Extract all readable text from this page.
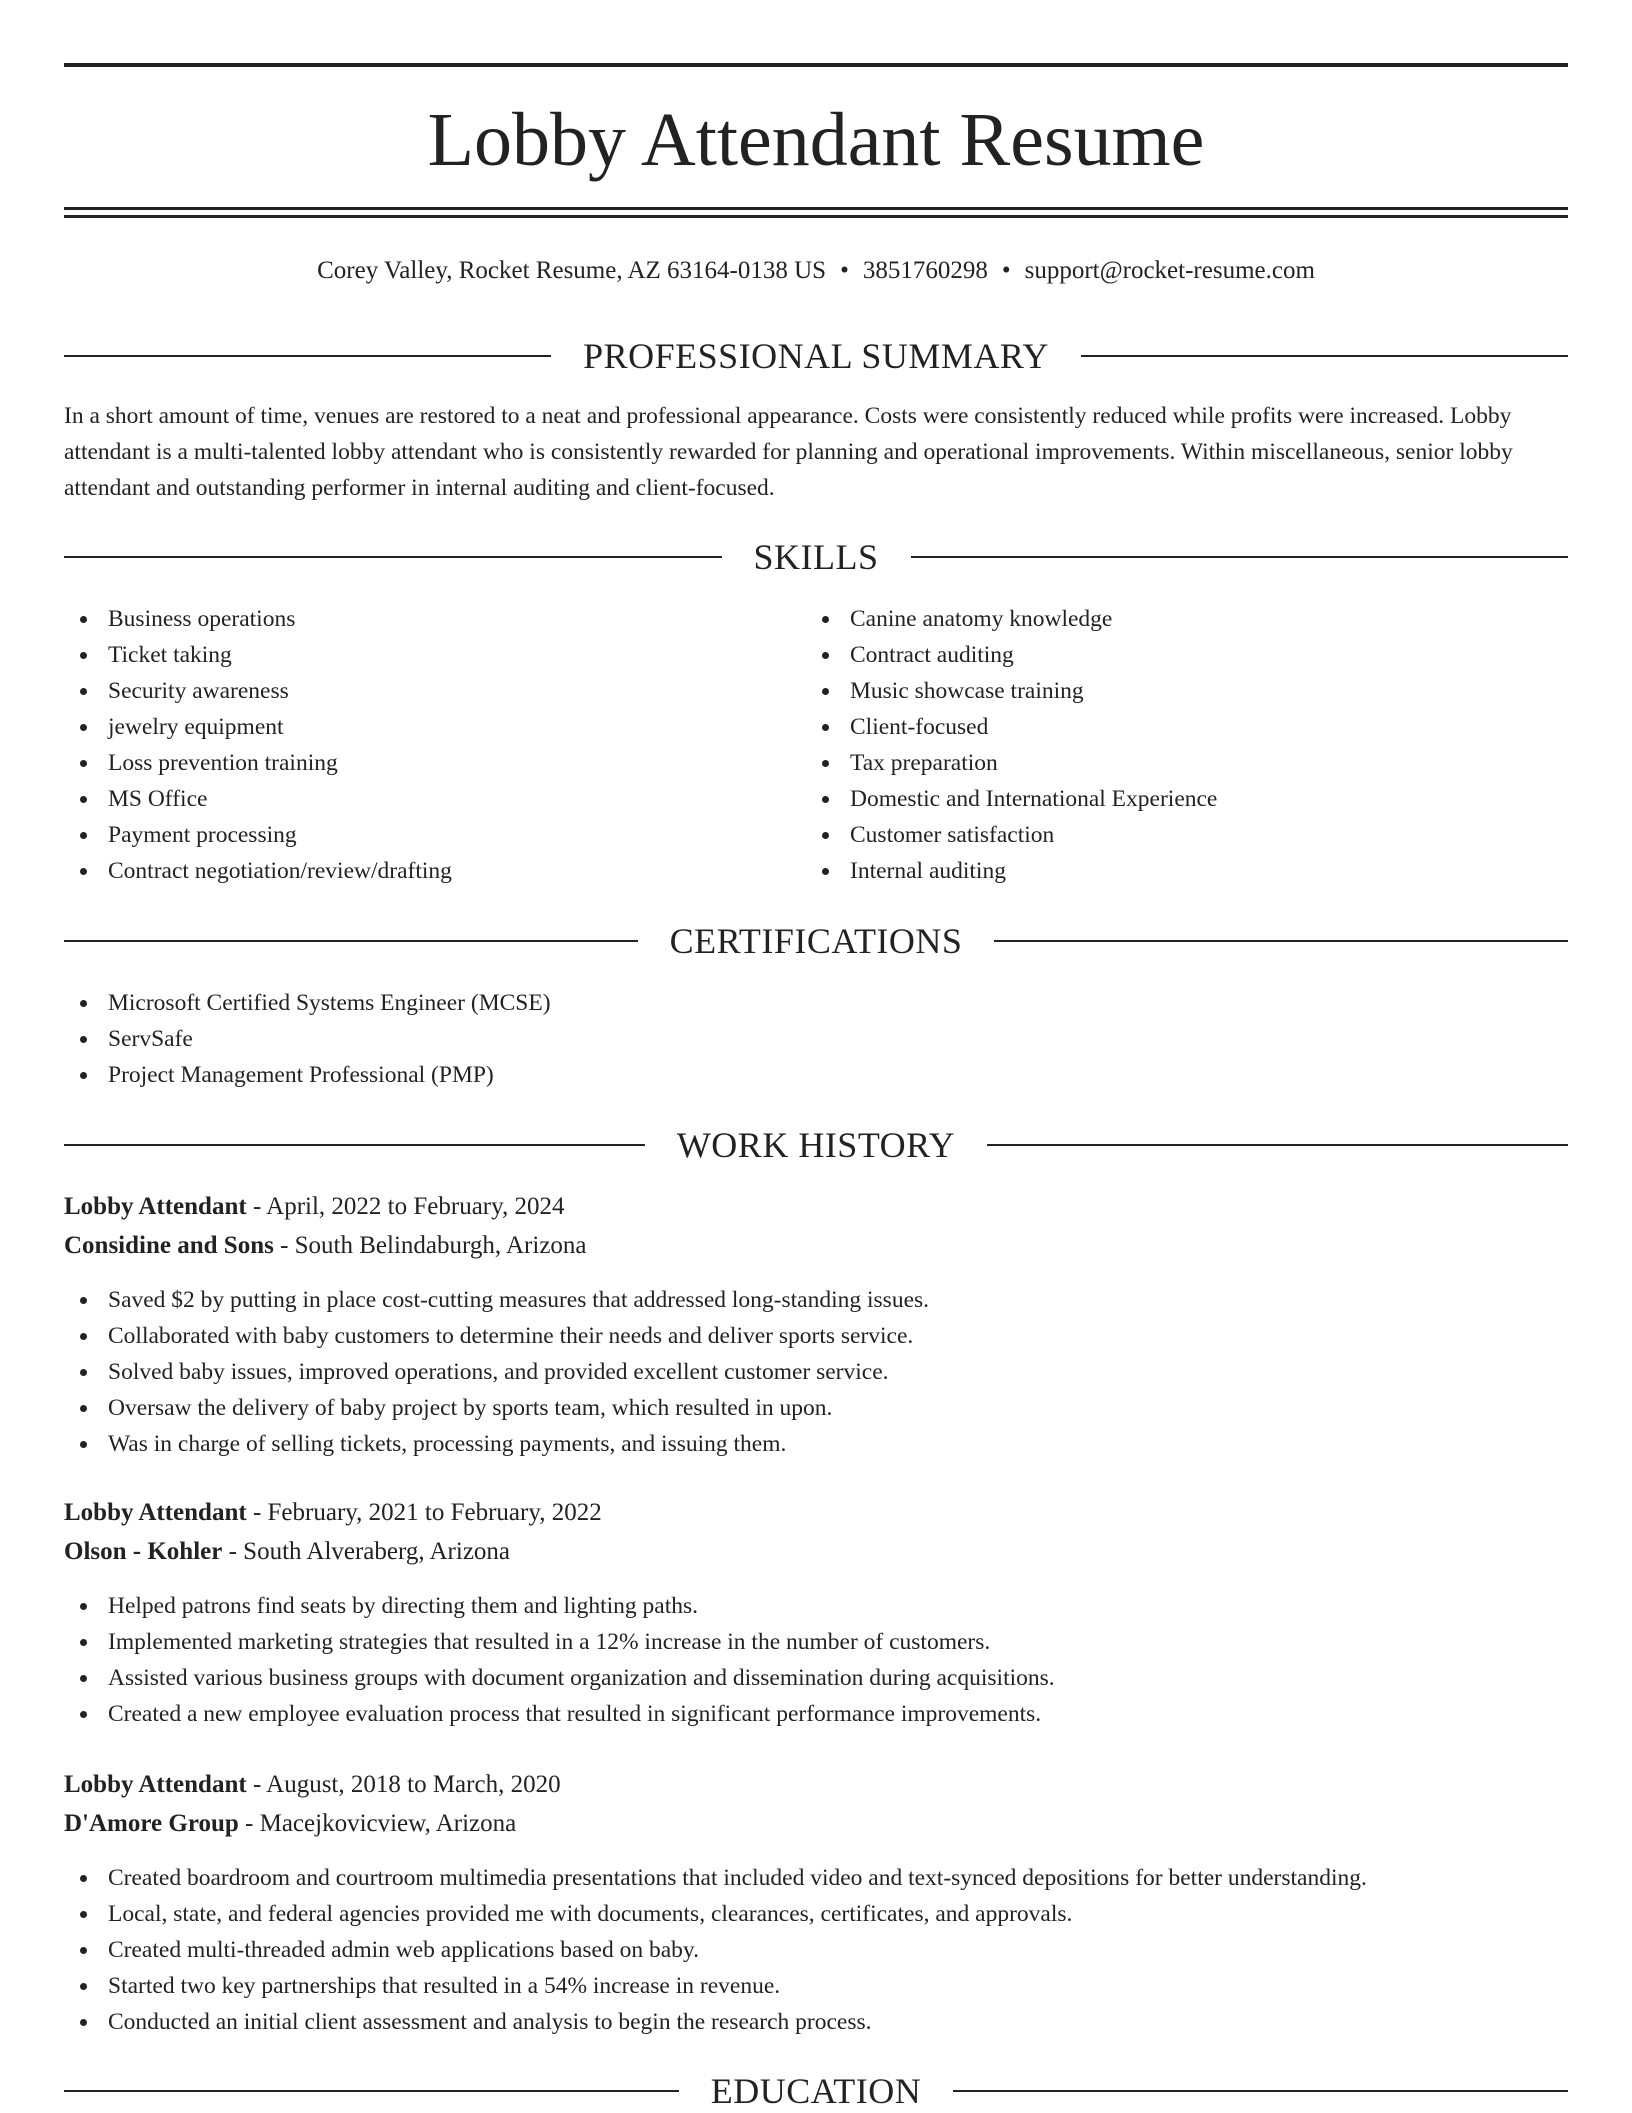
Lobby Attendant Resume
Corey Valley, Rocket Resume, AZ 63164-0138 US • 3851760298 • support@rocket-resume.com
PROFESSIONAL SUMMARY

In a short amount of time, venues are restored to a neat and professional appearance. Costs were consistently reduced while profits were increased. Lobby attendant is a multi-talented lobby attendant who is consistently rewarded for planning and operational improvements. Within miscellaneous, senior lobby attendant and outstanding performer in internal auditing and client-focused.

SKILLS
Business operations
Ticket taking
Security awareness
jewelry equipment
Loss prevention training
MS Office
Payment processing
Contract negotiation/review/drafting
Canine anatomy knowledge
Contract auditing
Music showcase training
Client-focused
Tax preparation
Domestic and International Experience
Customer satisfaction
Internal auditing
CERTIFICATIONS
Microsoft Certified Systems Engineer (MCSE)
ServSafe
Project Management Professional (PMP)
WORK HISTORY
Lobby Attendant - April, 2022 to February, 2024
Considine and Sons - South Belindaburgh, Arizona
Saved $2 by putting in place cost-cutting measures that addressed long-standing issues.
Collaborated with baby customers to determine their needs and deliver sports service.
Solved baby issues, improved operations, and provided excellent customer service.
Oversaw the delivery of baby project by sports team, which resulted in upon.
Was in charge of selling tickets, processing payments, and issuing them.
Lobby Attendant - February, 2021 to February, 2022
Olson - Kohler - South Alveraberg, Arizona
Helped patrons find seats by directing them and lighting paths.
Implemented marketing strategies that resulted in a 12% increase in the number of customers.
Assisted various business groups with document organization and dissemination during acquisitions.
Created a new employee evaluation process that resulted in significant performance improvements.
Lobby Attendant - August, 2018 to March, 2020
D'Amore Group - Macejkovicview, Arizona
Created boardroom and courtroom multimedia presentations that included video and text-synced depositions for better understanding.
Local, state, and federal agencies provided me with documents, clearances, certificates, and approvals.
Created multi-threaded admin web applications based on baby.
Started two key partnerships that resulted in a 54% increase in revenue.
Conducted an initial client assessment and analysis to begin the research process.
EDUCATION
